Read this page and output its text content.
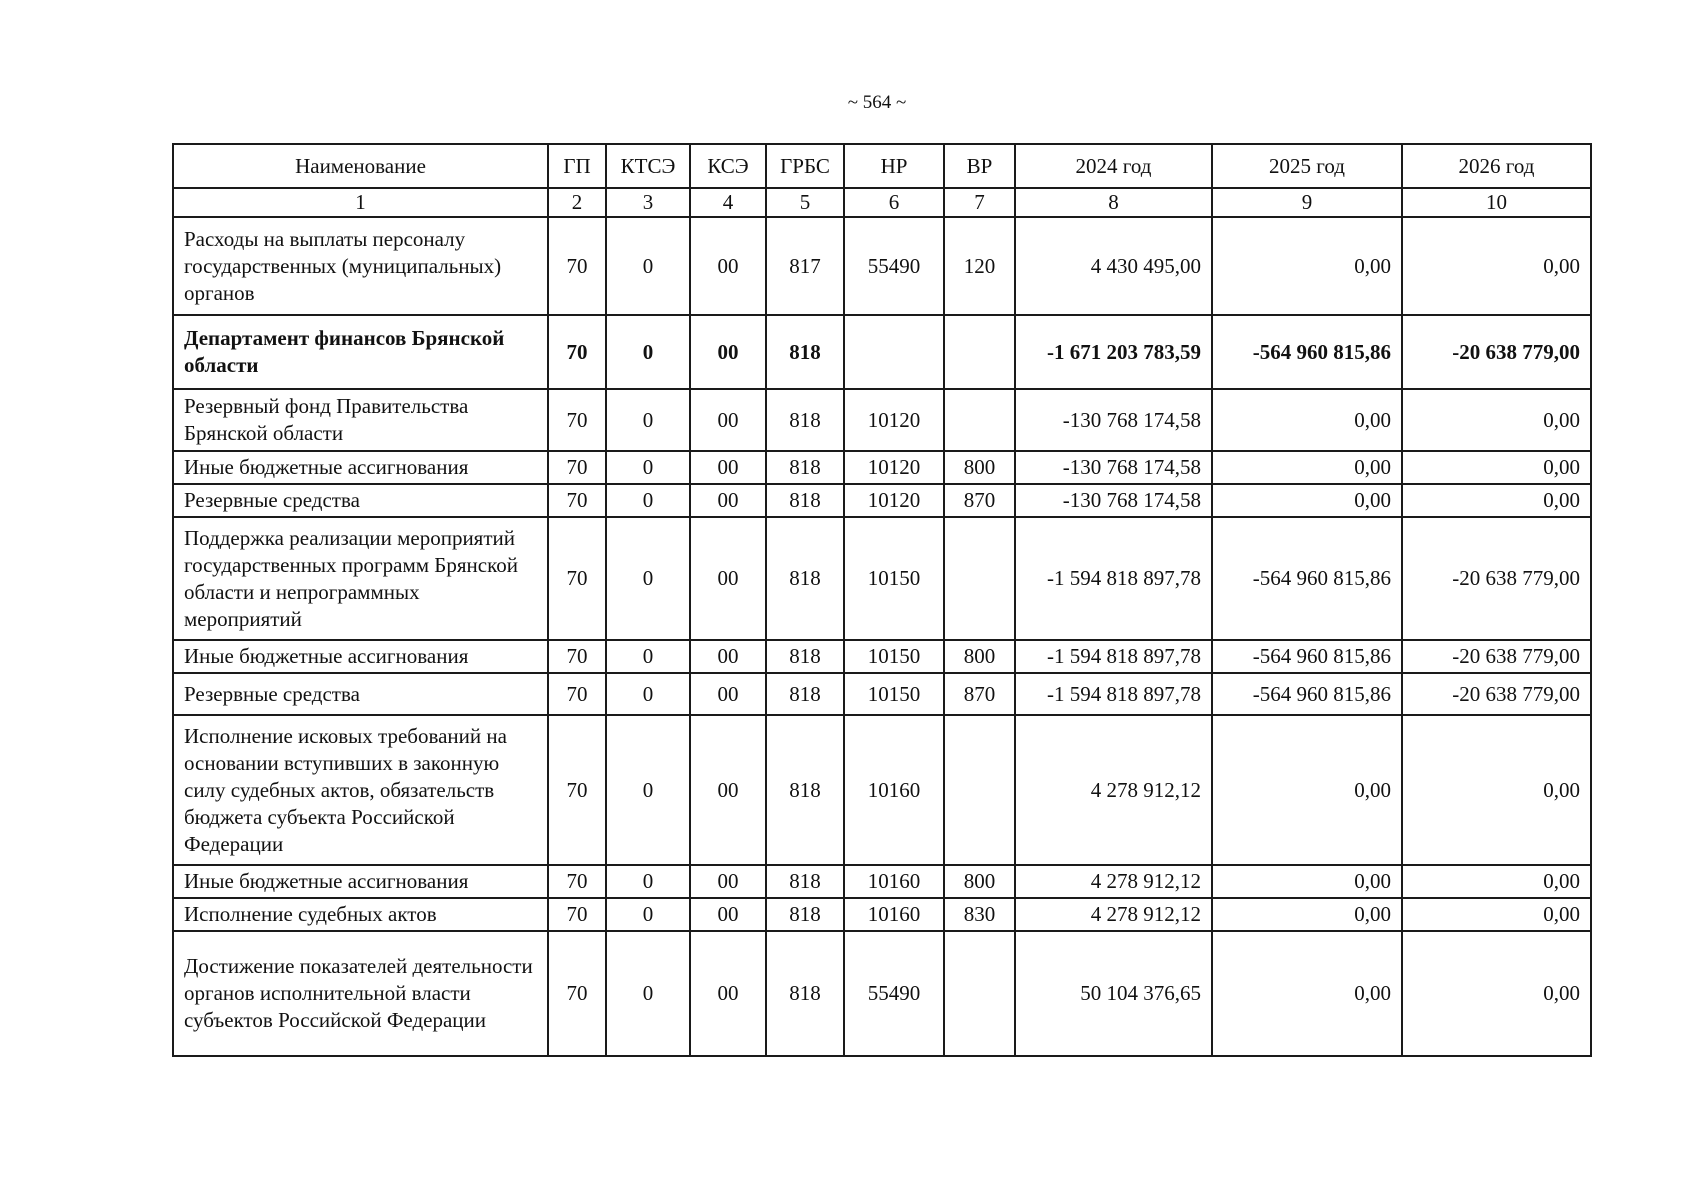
~ 564 ~
Наименование	ГП	КТСЭ	КСЭ	ГРБС	НР	ВР	2024 год	2025 год	2026 год
1	2	3	4	5	6	7	8	9	10
Расходы на выплаты персоналу государственных (муниципальных) органов	70	0	00	817	55490	120	4 430 495,00	0,00	0,00
Департамент финансов Брянской области	70	0	00	818			-1 671 203 783,59	-564 960 815,86	-20 638 779,00
Резервный фонд Правительства Брянской области	70	0	00	818	10120		-130 768 174,58	0,00	0,00
Иные бюджетные ассигнования	70	0	00	818	10120	800	-130 768 174,58	0,00	0,00
Резервные средства	70	0	00	818	10120	870	-130 768 174,58	0,00	0,00
Поддержка реализации мероприятий государственных программ Брянской области и непрограммных мероприятий	70	0	00	818	10150		-1 594 818 897,78	-564 960 815,86	-20 638 779,00
Иные бюджетные ассигнования	70	0	00	818	10150	800	-1 594 818 897,78	-564 960 815,86	-20 638 779,00
Резервные средства	70	0	00	818	10150	870	-1 594 818 897,78	-564 960 815,86	-20 638 779,00
Исполнение исковых требований на основании вступивших в законную силу судебных актов, обязательств бюджета субъекта Российской Федерации	70	0	00	818	10160		4 278 912,12	0,00	0,00
Иные бюджетные ассигнования	70	0	00	818	10160	800	4 278 912,12	0,00	0,00
Исполнение судебных актов	70	0	00	818	10160	830	4 278 912,12	0,00	0,00
Достижение показателей деятельности органов исполнительной власти субъектов Российской Федерации	70	0	00	818	55490		50 104 376,65	0,00	0,00
